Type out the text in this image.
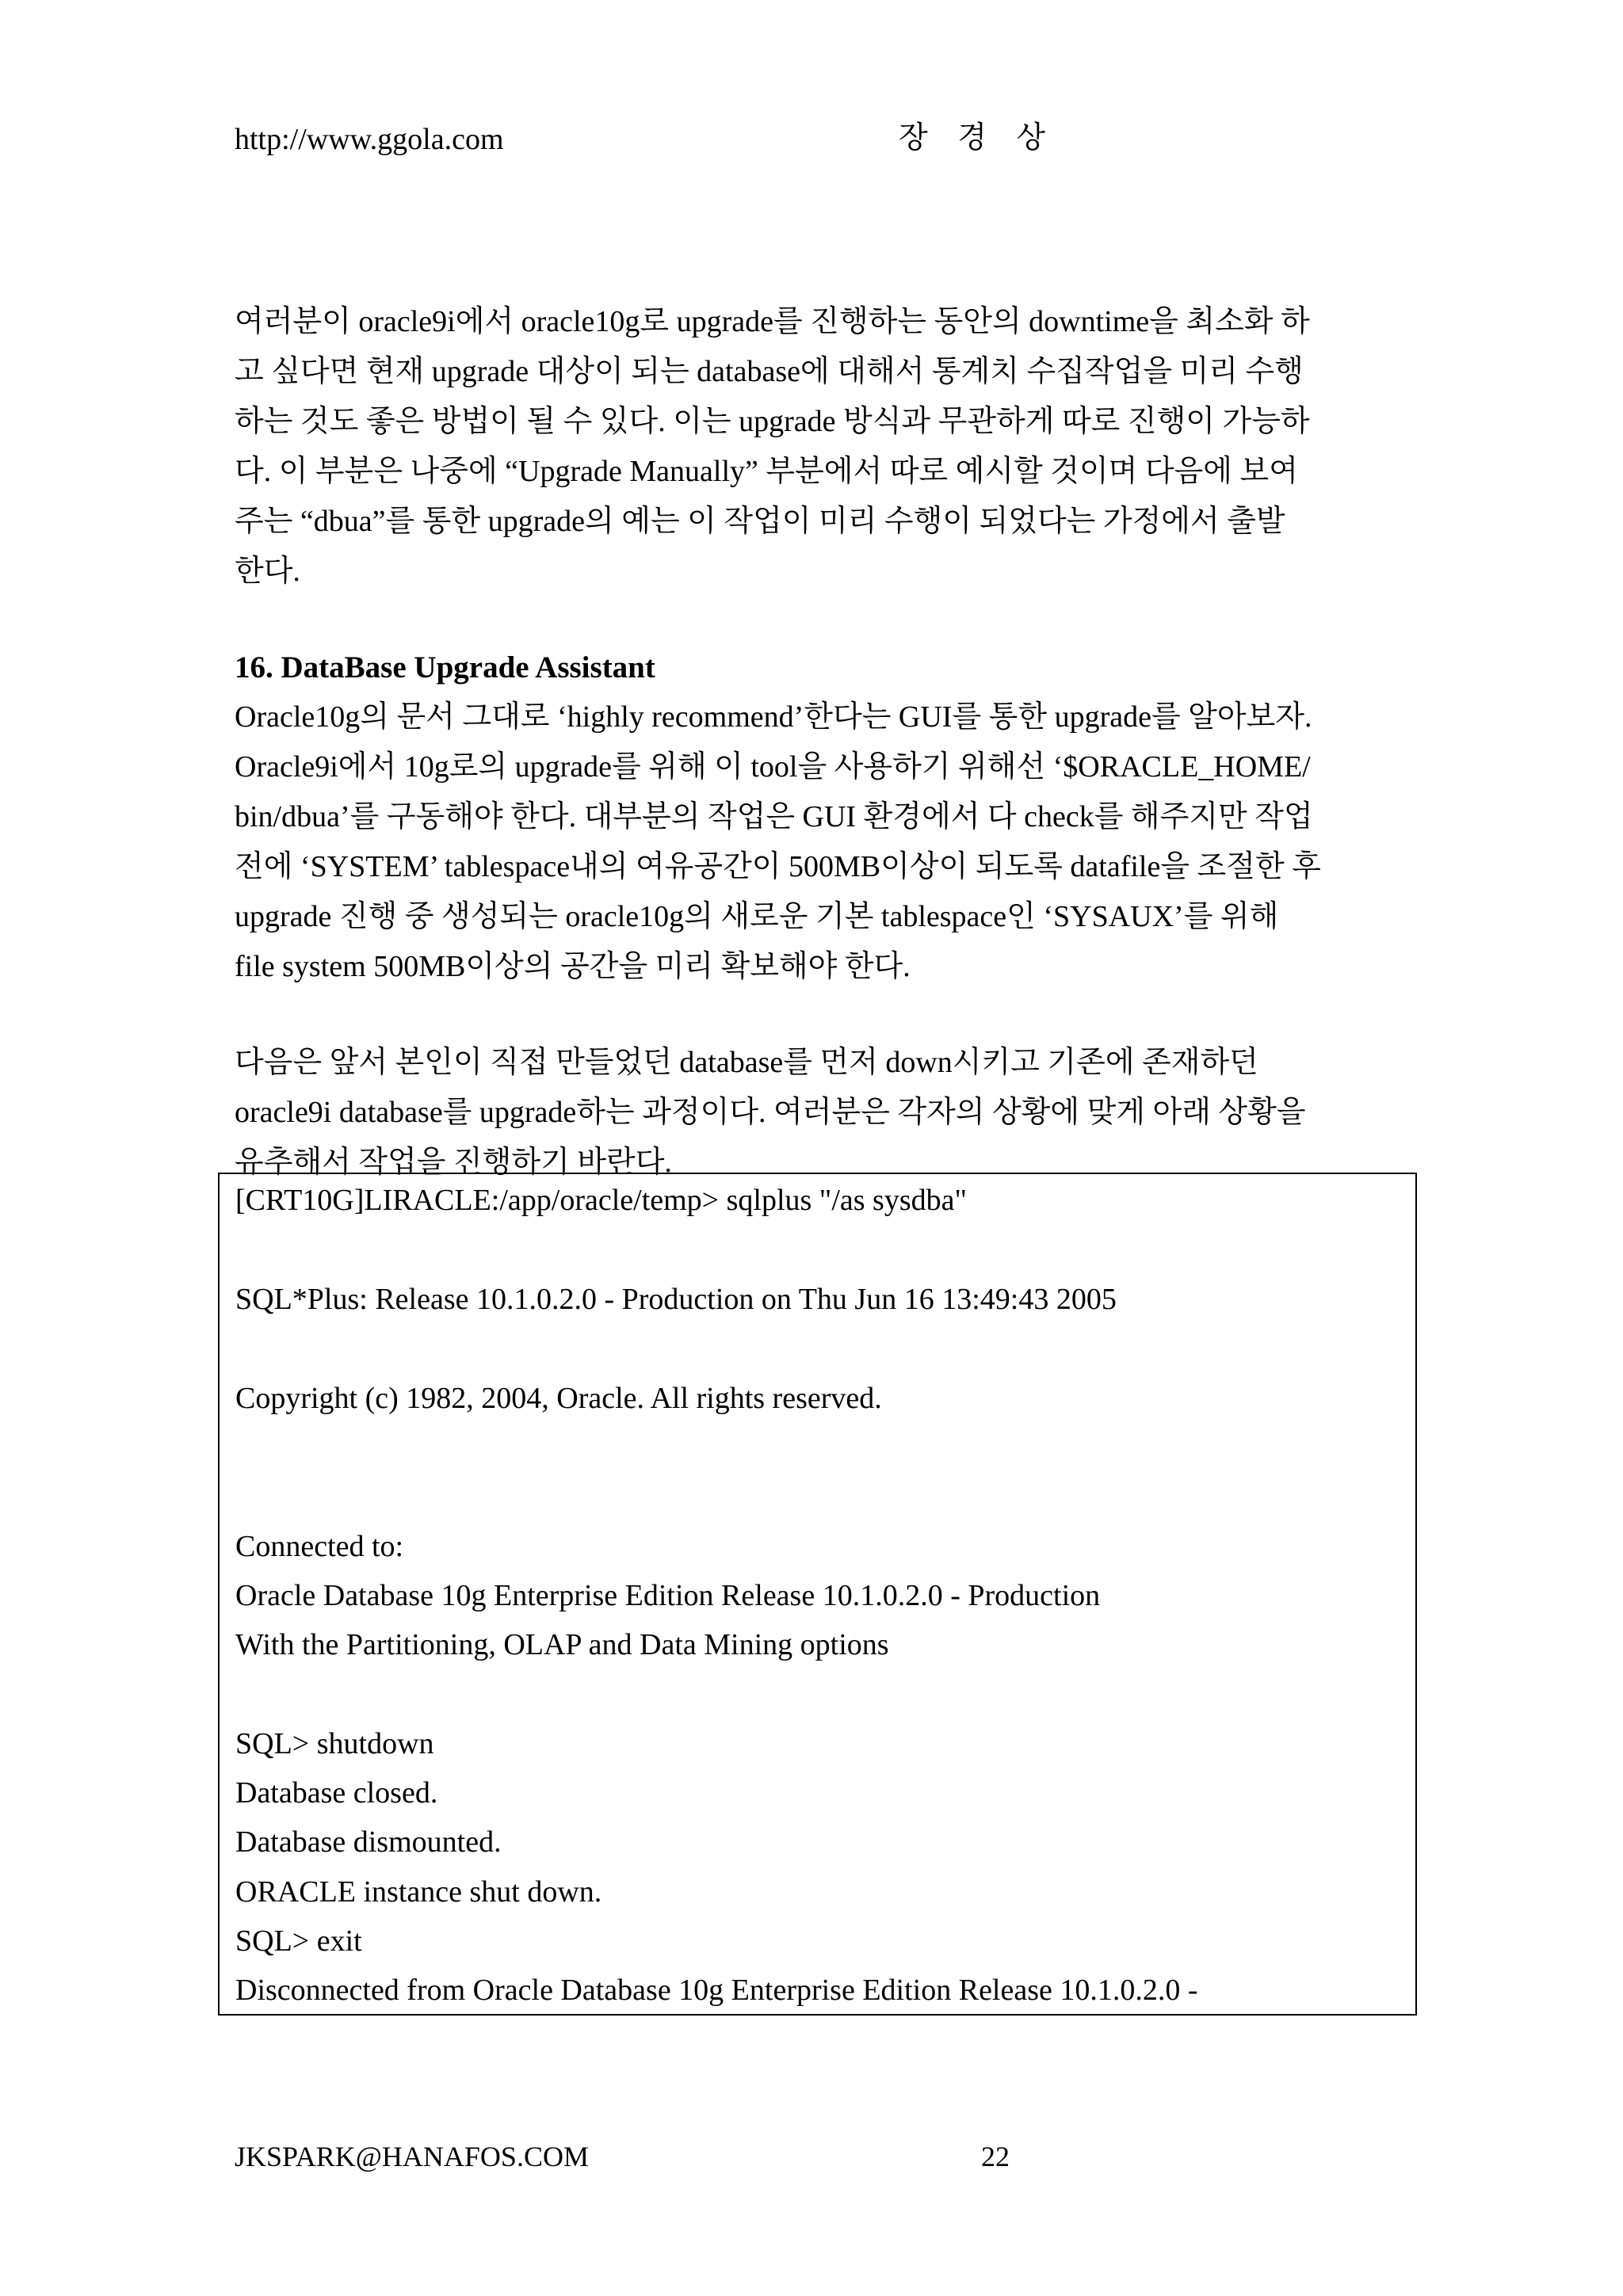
http://www.ggola.com	장 경 상
여러분이 oracle9i에서 oracle10g로 upgrade를 진행하는 동안의 downtime을 최소화 하
고 싶다면 현재 upgrade 대상이 되는 database에 대해서 통계치 수집작업을 미리 수행
하는 것도 좋은 방법이 될 수 있다. 이는 upgrade 방식과 무관하게 따로 진행이 가능하
다. 이 부분은 나중에 “Upgrade Manually” 부분에서 따로 예시할 것이며 다음에 보여
주는 “dbua”를 통한 upgrade의 예는 이 작업이 미리 수행이 되었다는 가정에서 출발
한다.
16. DataBase Upgrade Assistant
Oracle10g의 문서 그대로 ‘highly recommend’한다는 GUI를 통한 upgrade를 알아보자.
Oracle9i에서 10g로의 upgrade를 위해 이 tool을 사용하기 위해선 ‘$ORACLE_HOME/
bin/dbua’를 구동해야 한다. 대부분의 작업은 GUI 환경에서 다 check를 해주지만 작업
전에 ‘SYSTEM’ tablespace내의 여유공간이 500MB이상이 되도록 datafile을 조절한 후
upgrade 진행 중 생성되는 oracle10g의 새로운 기본 tablespace인 ‘SYSAUX’를 위해
file system 500MB이상의 공간을 미리 확보해야 한다.
다음은 앞서 본인이 직접 만들었던 database를 먼저 down시키고 기존에 존재하던
oracle9i database를 upgrade하는 과정이다. 여러분은 각자의 상황에 맞게 아래 상황을
유추해서 작업을 진행하기 바란다.
[CRT10G]LIRACLE:/app/oracle/temp> sqlplus "/as sysdba"
SQL*Plus: Release 10.1.0.2.0 - Production on Thu Jun 16 13:49:43 2005
Copyright (c) 1982, 2004, Oracle. All rights reserved.
Connected to:
Oracle Database 10g Enterprise Edition Release 10.1.0.2.0 - Production
With the Partitioning, OLAP and Data Mining options
SQL> shutdown
Database closed.
Database dismounted.
ORACLE instance shut down.
SQL> exit
Disconnected from Oracle Database 10g Enterprise Edition Release 10.1.0.2.0 -
JKSPARK@HANAFOS.COM	22
